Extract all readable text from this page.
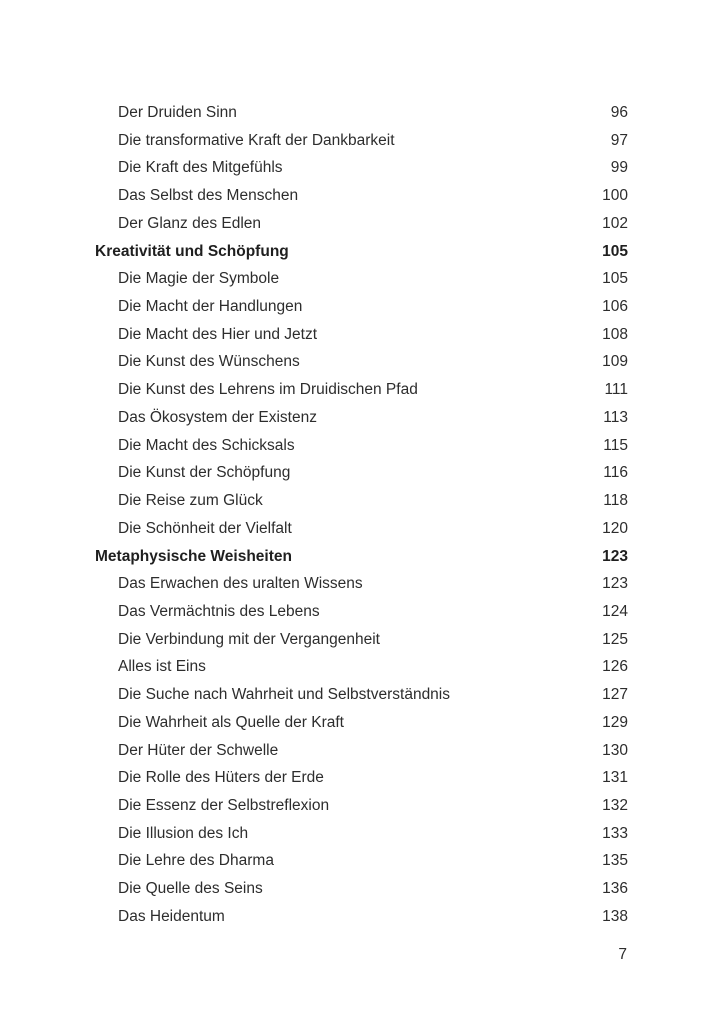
Der Druiden Sinn	96
Die transformative Kraft der Dankbarkeit	97
Die Kraft des Mitgefühls	99
Das Selbst des Menschen	100
Der Glanz des Edlen	102
Kreativität und Schöpfung	105
Die Magie der Symbole	105
Die Macht der Handlungen	106
Die Macht des Hier und Jetzt	108
Die Kunst des Wünschens	109
Die Kunst des Lehrens im Druidischen Pfad	111
Das Ökosystem der Existenz	113
Die Macht des Schicksals	115
Die Kunst der Schöpfung	116
Die Reise zum Glück	118
Die Schönheit der Vielfalt	120
Metaphysische Weisheiten	123
Das Erwachen des uralten Wissens	123
Das Vermächtnis des Lebens	124
Die Verbindung mit der Vergangenheit	125
Alles ist Eins	126
Die Suche nach Wahrheit und Selbstverständnis	127
Die Wahrheit als Quelle der Kraft	129
Der Hüter der Schwelle	130
Die Rolle des Hüters der Erde	131
Die Essenz der Selbstreflexion	132
Die Illusion des Ich	133
Die Lehre des Dharma	135
Die Quelle des Seins	136
Das Heidentum	138
7
